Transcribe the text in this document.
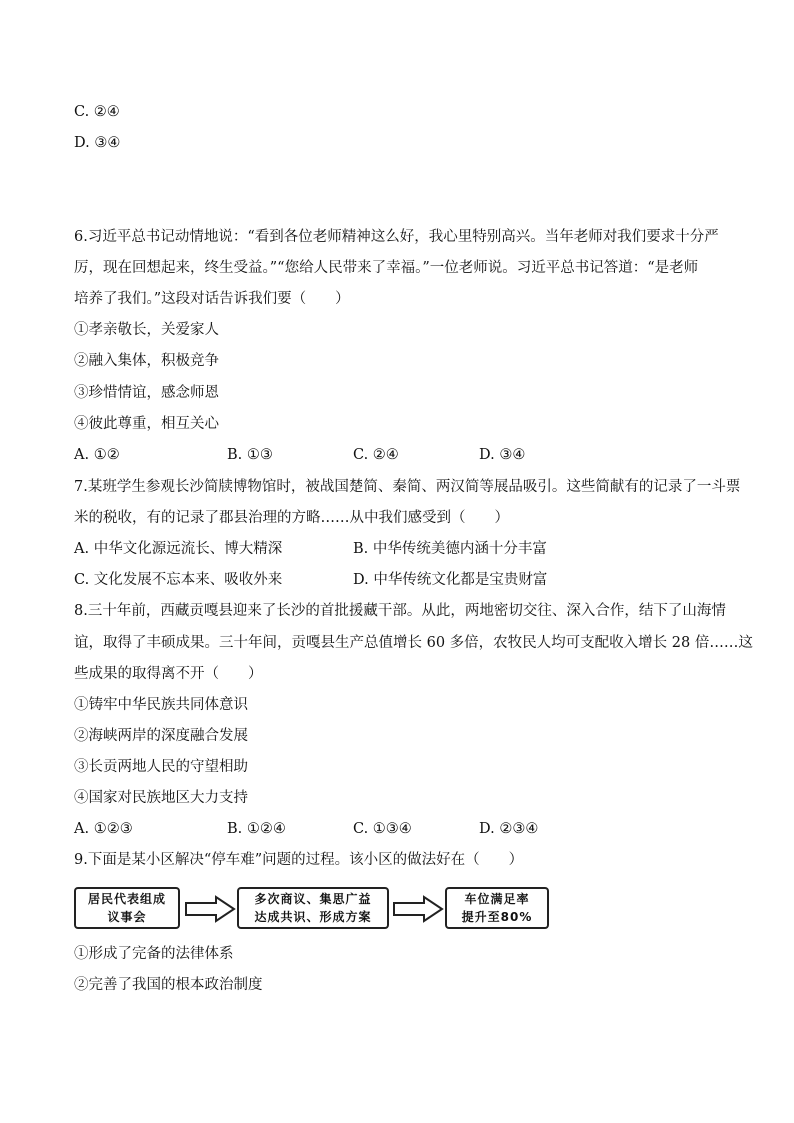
C. ②④
D. ③④
6.习近平总书记动情地说：“看到各位老师精神这么好，我心里特别高兴。当年老师对我们要求十分严
厉，现在回想起来，终生受益。”“您给人民带来了幸福。”一位老师说。习近平总书记答道：“是老师
培养了我们。”这段对话告诉我们要（　　）
①孝亲敬长，关爱家人
②融入集体，积极竞争
③珍惜情谊，感念师恩
④彼此尊重，相互关心
A. ①②	B. ①③	C. ②④	D. ③④
7.某班学生参观长沙简牍博物馆时，被战国楚简、秦简、两汉简等展品吸引。这些简献有的记录了一斗票
米的税收，有的记录了郡县治理的方略……从中我们感受到（　　）
A. 中华文化源远流长、博大精深	B. 中华传统美德内涵十分丰富
C. 文化发展不忘本来、吸收外来	D. 中华传统文化都是宝贵财富
8.三十年前，西藏贡嘎县迎来了长沙的首批援藏干部。从此，两地密切交往、深入合作，结下了山海情
谊，取得了丰硕成果。三十年间，贡嘎县生产总值增长 60 多倍，农牧民人均可支配收入增长 28 倍……这
些成果的取得离不开（　　）
①铸牢中华民族共同体意识
②海峡两岸的深度融合发展
③长贡两地人民的守望相助
④国家对民族地区大力支持
A. ①②③	B. ①②④	C. ①③④	D. ②③④
9.下面是某小区解决“停车难”问题的过程。该小区的做法好在（　　）
居民代表组成
议事会
多次商议、集思广益
达成共识、形成方案
车位满足率
提升至80%
①形成了完备的法律体系
②完善了我国的根本政治制度
